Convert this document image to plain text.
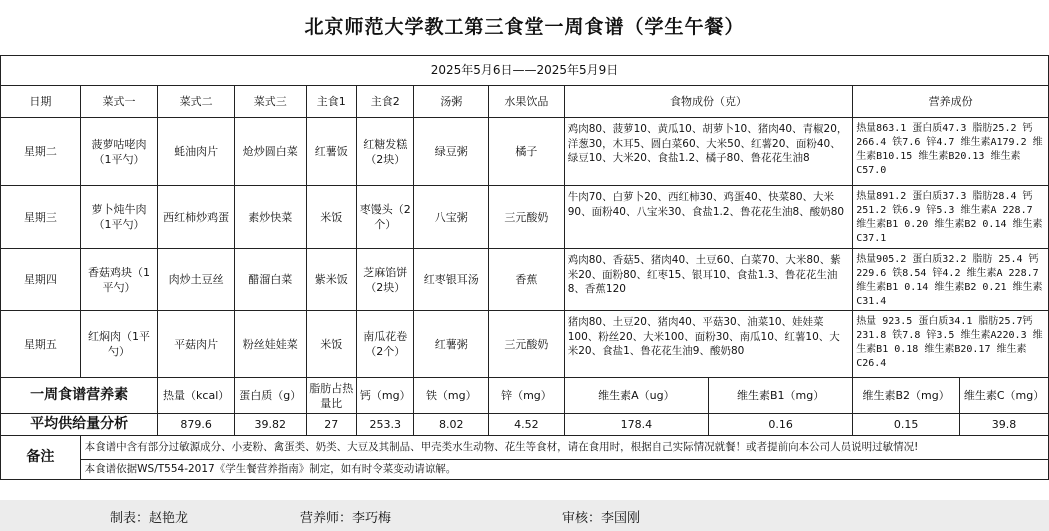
北京师范大学教工第三食堂一周食谱（学生午餐）
2025年5月6日——2025年5月9日											
日期	菜式一	菜式二	菜式三	主食1	主食2	汤粥	水果饮品	食物成份（克）		营养成份	
星期二	菠萝咕咾肉（1平勺）	蚝油肉片	炝炒圆白菜	红薯饭	红糖发糕（2块）	绿豆粥	橘子	鸡肉80、菠萝10、黄瓜10、胡萝卜10、猪肉40、青椒20，洋葱30，木耳5、圆白菜60、大米50、红薯20、面粉40、绿豆10、大米20、食盐1.2、橘子80、鲁花花生油8		热量863.1 蛋白质47.3 脂肪25.2 钙266.4 铁7.6 锌4.7 维生素A179.2 维生素B10.15 维生素B20.13 维生素C57.0	
星期三	萝卜炖牛肉（1平勺）	西红柿炒鸡蛋	素炒快菜	米饭	枣馒头（2个）	八宝粥	三元酸奶	牛肉70、白萝卜20、西红柿30、鸡蛋40、快菜80、大米90、面粉40、八宝米30、食盐1.2、鲁花花生油8、酸奶80		热量891.2 蛋白质37.3 脂肪28.4 钙251.2 铁6.9 锌5.3 维生素A 228.7 维生素B1 0.20 维生素B2 0.14 维生素C37.1	
星期四	香菇鸡块（1平勺）	肉炒土豆丝	醋溜白菜	紫米饭	芝麻馅饼（2块）	红枣银耳汤	香蕉	鸡肉80、香菇5、猪肉40、土豆60、白菜70、大米80、紫米20、面粉80、红枣15、银耳10、食盐1.3、鲁花花生油8、香蕉120		热量905.2 蛋白质32.2 脂肪 25.4 钙229.6 铁8.54 锌4.2 维生素A 228.7 维生素B1 0.14 维生素B2 0.21 维生素C31.4	
星期五	红焖肉（1平勺）	平菇肉片	粉丝娃娃菜	米饭	南瓜花卷（2个）	红薯粥	三元酸奶	猪肉80、土豆20、猪肉40、平菇30、油菜10、娃娃菜100、粉丝20、大米100、面粉30、南瓜10、红薯10、大米20、食盐1、鲁花花生油9、酸奶80		热量 923.5 蛋白质34.1 脂肪25.7钙231.8 铁7.8 锌3.5 维生素A220.3 维生素B1 0.18 维生素B20.17 维生素C26.4	
一周食谱营养素		热量（kcal）	蛋白质（g）	脂肪占热量比	钙（mg）	铁（mg）	锌（mg）	维生素A（ug）	维生素B1（mg）	维生素B2（mg）	维生素C（mg）
平均供给量分析		879.6	39.82	27	253.3	8.02	4.52	178.4	0.16	0.15	39.8
备注	本食谱中含有部分过敏源成分、小麦粉、禽蛋类、奶类、大豆及其制品、甲壳类水生动物、花生等食材，请在食用时，根据自己实际情况就餐！或者提前向本公司人员说明过敏情况!										
	本食谱依据WS/T554-2017《学生餐营养指南》制定，如有时令菜变动请谅解。										
制表：赵艳龙	营养师：李巧梅	审核：李国刚
